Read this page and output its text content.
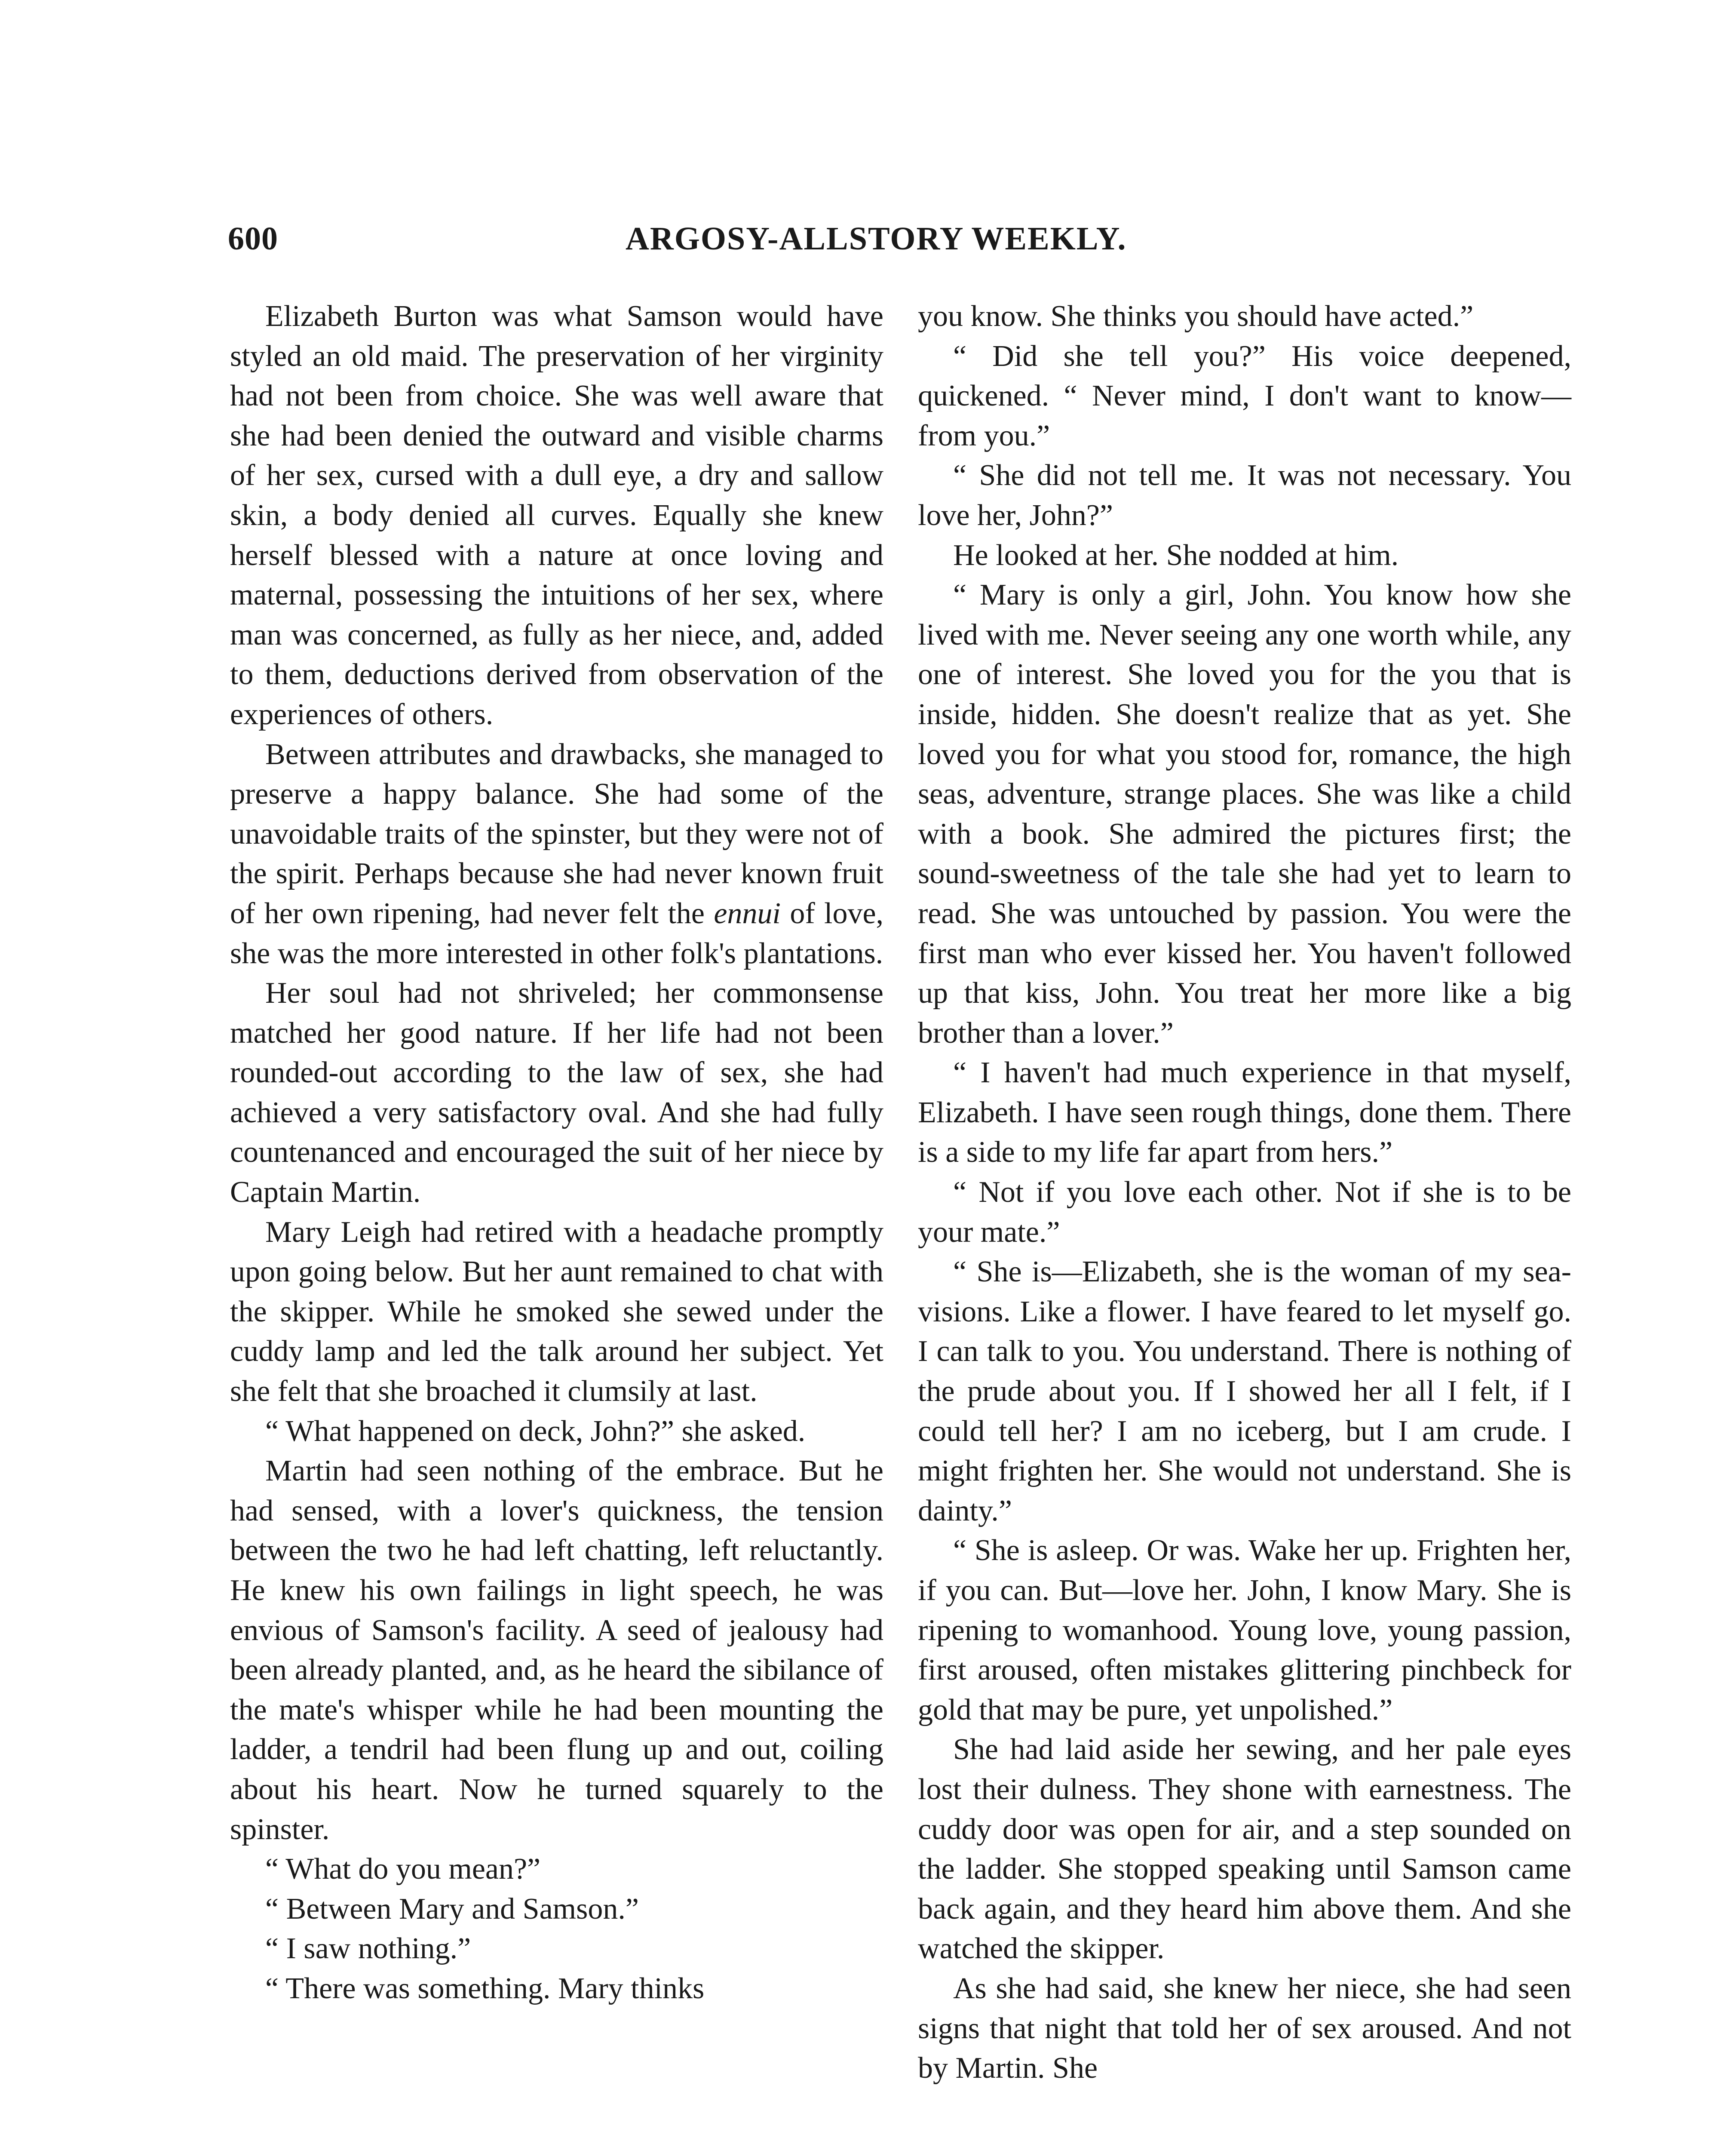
600	ARGOSY-ALLSTORY WEEKLY.

Elizabeth Burton was what Samson would have styled an old maid. The preservation of her virginity had not been from choice. She was well aware that she had been denied the outward and visible charms of her sex, cursed with a dull eye, a dry and sallow skin, a body denied all curves. Equally she knew herself blessed with a nature at once loving and maternal, possessing the intuitions of her sex, where man was concerned, as fully as her niece, and, added to them, deductions derived from observation of the experiences of others.

Between attributes and drawbacks, she managed to preserve a happy balance. She had some of the unavoidable traits of the spinster, but they were not of the spirit. Perhaps because she had never known fruit of her own ripening, had never felt the ennui of love, she was the more interested in other folk's plantations.

Her soul had not shriveled; her commonsense matched her good nature. If her life had not been rounded-out according to the law of sex, she had achieved a very satisfactory oval. And she had fully countenanced and encouraged the suit of her niece by Captain Martin.

Mary Leigh had retired with a headache promptly upon going below. But her aunt remained to chat with the skipper. While he smoked she sewed under the cuddy lamp and led the talk around her subject. Yet she felt that she broached it clumsily at last.

“ What happened on deck, John?” she asked.

Martin had seen nothing of the embrace. But he had sensed, with a lover's quickness, the tension between the two he had left chatting, left reluctantly. He knew his own failings in light speech, he was envious of Samson's facility. A seed of jealousy had been already planted, and, as he heard the sibilance of the mate's whisper while he had been mounting the ladder, a tendril had been flung up and out, coiling about his heart. Now he turned squarely to the spinster.

“ What do you mean?”

“ Between Mary and Samson.”

“ I saw nothing.”

“ There was something. Mary thinks

you know. She thinks you should have acted.”

“ Did she tell you?” His voice deepened, quickened. “ Never mind, I don't want to know—from you.”

“ She did not tell me. It was not necessary. You love her, John?”

He looked at her. She nodded at him.

“ Mary is only a girl, John. You know how she lived with me. Never seeing any one worth while, any one of interest. She loved you for the you that is inside, hidden. She doesn't realize that as yet. She loved you for what you stood for, romance, the high seas, adventure, strange places. She was like a child with a book. She admired the pictures first; the sound-sweetness of the tale she had yet to learn to read. She was untouched by passion. You were the first man who ever kissed her. You haven't followed up that kiss, John. You treat her more like a big brother than a lover.”

“ I haven't had much experience in that myself, Elizabeth. I have seen rough things, done them. There is a side to my life far apart from hers.”

“ Not if you love each other. Not if she is to be your mate.”

“ She is—Elizabeth, she is the woman of my sea-visions. Like a flower. I have feared to let myself go. I can talk to you. You understand. There is nothing of the prude about you. If I showed her all I felt, if I could tell her? I am no iceberg, but I am crude. I might frighten her. She would not understand. She is dainty.”

“ She is asleep. Or was. Wake her up. Frighten her, if you can. But—love her. John, I know Mary. She is ripening to womanhood. Young love, young passion, first aroused, often mistakes glittering pinchbeck for gold that may be pure, yet unpolished.”

She had laid aside her sewing, and her pale eyes lost their dulness. They shone with earnestness. The cuddy door was open for air, and a step sounded on the ladder. She stopped speaking until Samson came back again, and they heard him above them. And she watched the skipper.

As she had said, she knew her niece, she had seen signs that night that told her of sex aroused. And not by Martin. She
